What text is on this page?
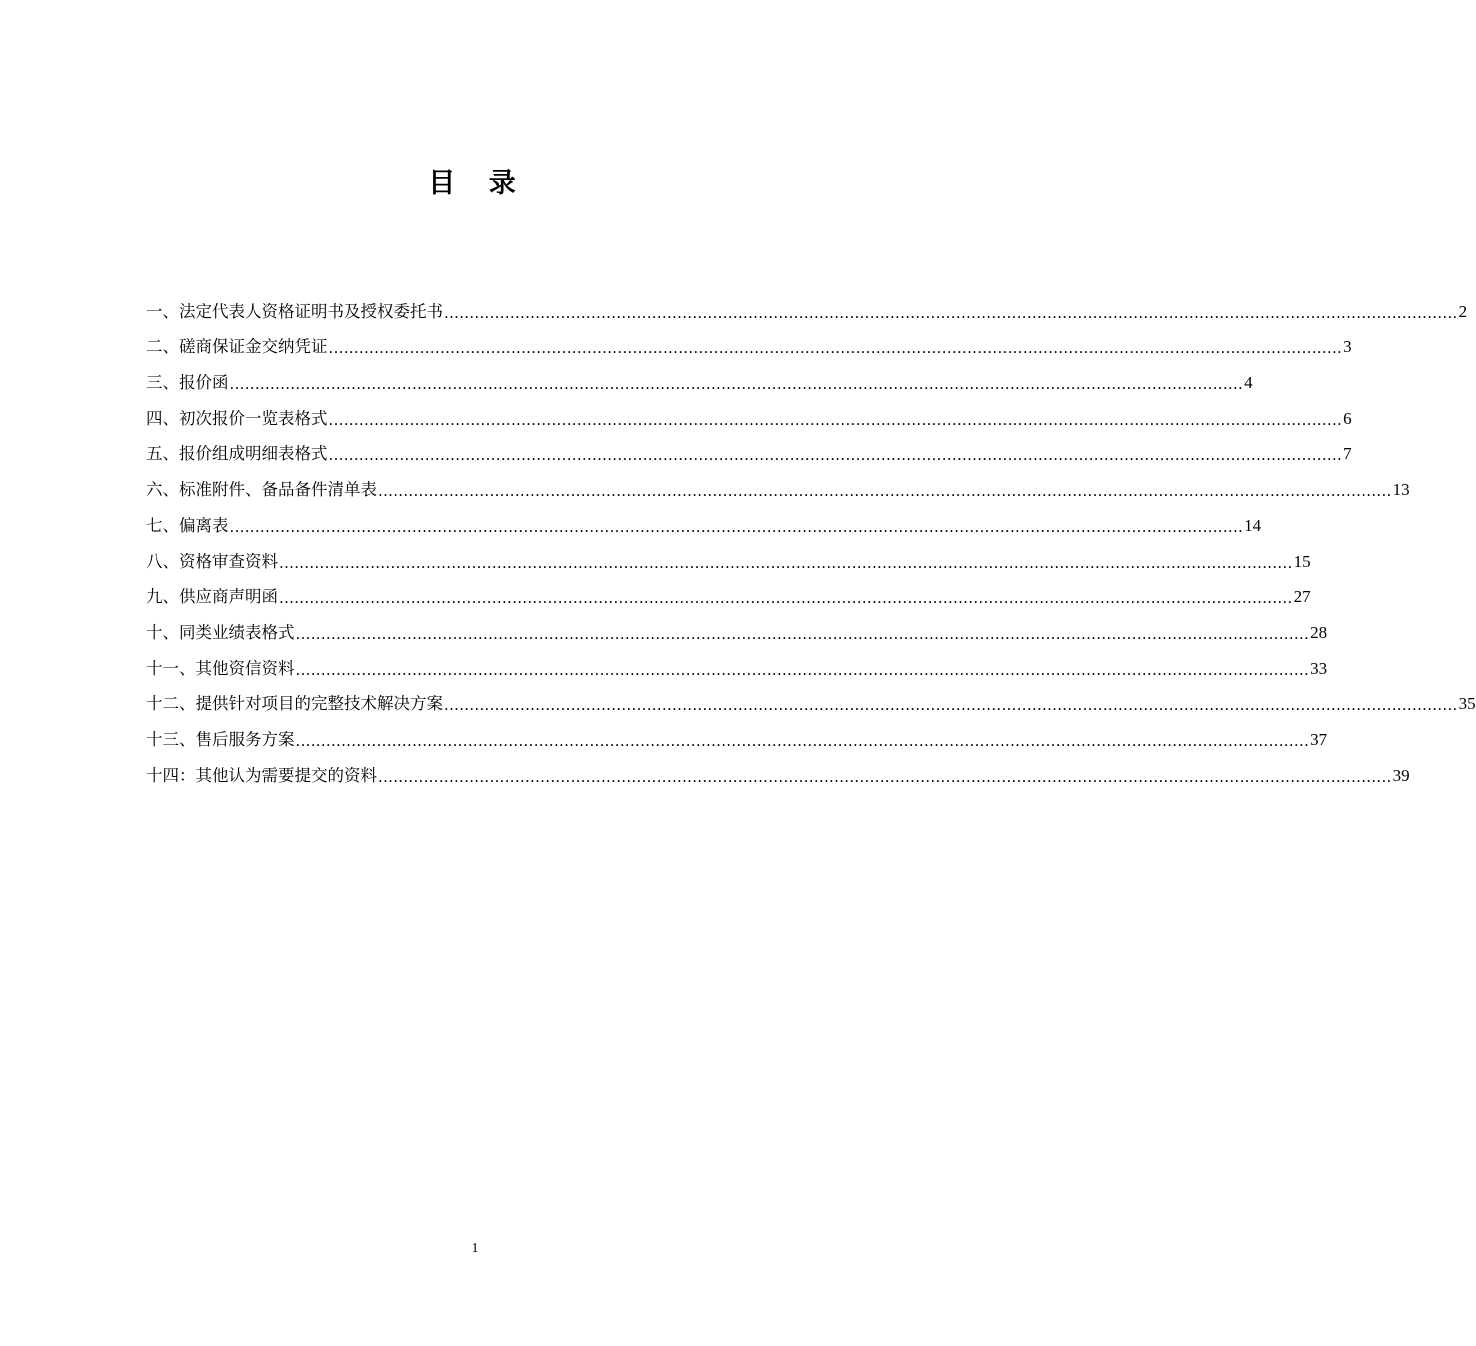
目 录
一、法定代表人资格证明书及授权委托书 ........................................................................................................................................................................................................ 2
二、磋商保证金交纳凭证 ........................................................................................................................................................................................................ 3
三、报价函 ........................................................................................................................................................................................................ 4
四、初次报价一览表格式 ........................................................................................................................................................................................................ 6
五、报价组成明细表格式 ........................................................................................................................................................................................................ 7
六、标准附件、备品备件清单表 ........................................................................................................................................................................................................ 13
七、偏离表 ........................................................................................................................................................................................................ 14
八、资格审查资料 ........................................................................................................................................................................................................ 15
九、供应商声明函 ........................................................................................................................................................................................................ 27
十、同类业绩表格式 ........................................................................................................................................................................................................ 28
十一、其他资信资料 ........................................................................................................................................................................................................ 33
十二、提供针对项目的完整技术解决方案 ........................................................................................................................................................................................................ 35
十三、售后服务方案 ........................................................................................................................................................................................................ 37
十四：其他认为需要提交的资料 ........................................................................................................................................................................................................ 39
1
